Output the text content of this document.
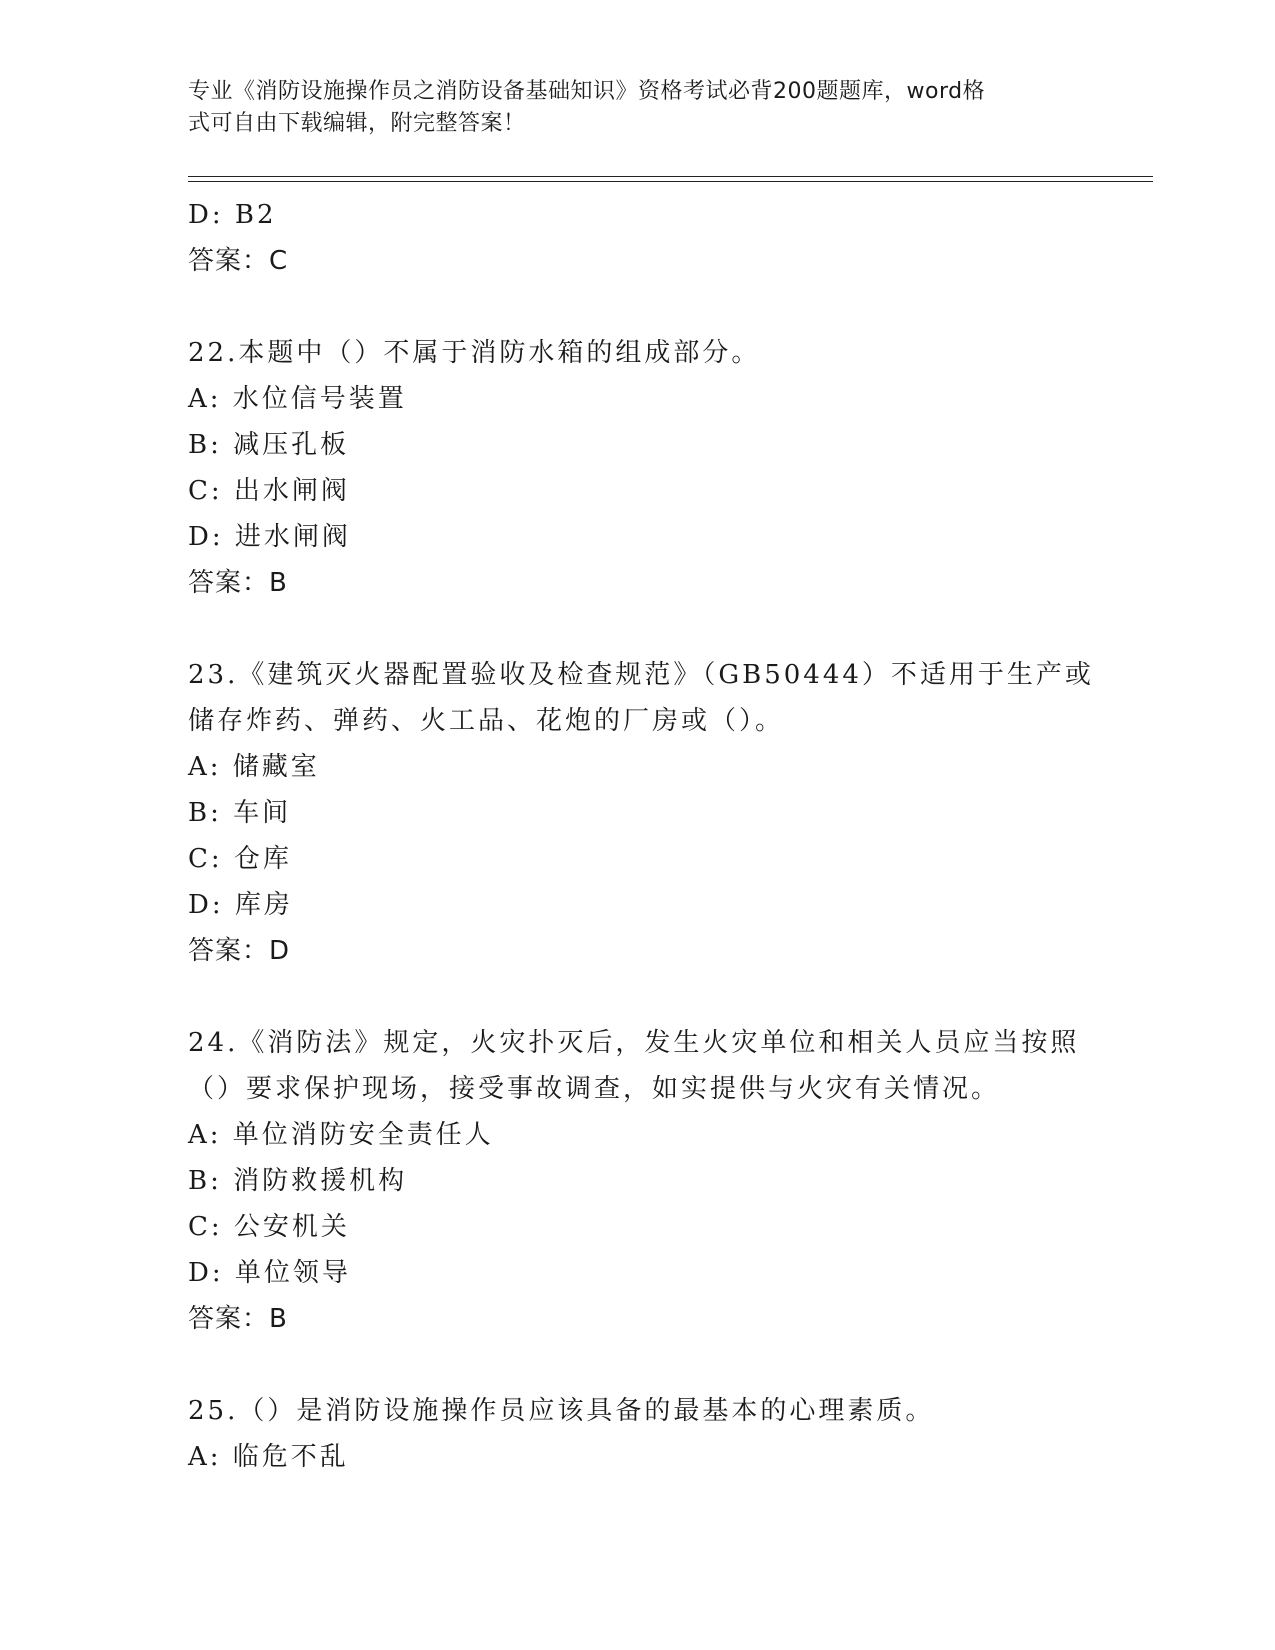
专业《消防设施操作员之消防设备基础知识》资格考试必背200题题库，word格
式可自由下载编辑，附完整答案！
D: B2
答案：C
22.本题中（）不属于消防水箱的组成部分。
A: 水位信号装置
B: 减压孔板
C: 出水闸阀
D: 进水闸阀
答案：B
23.《建筑灭火器配置验收及检查规范》（GB50444）不适用于生产或
储存炸药、弹药、火工品、花炮的厂房或（）。
A: 储藏室
B: 车间
C: 仓库
D: 库房
答案：D
24.《消防法》规定，火灾扑灭后，发生火灾单位和相关人员应当按照
（）要求保护现场，接受事故调查，如实提供与火灾有关情况。
A: 单位消防安全责任人
B: 消防救援机构
C: 公安机关
D: 单位领导
答案：B
25.（）是消防设施操作员应该具备的最基本的心理素质。
A: 临危不乱
